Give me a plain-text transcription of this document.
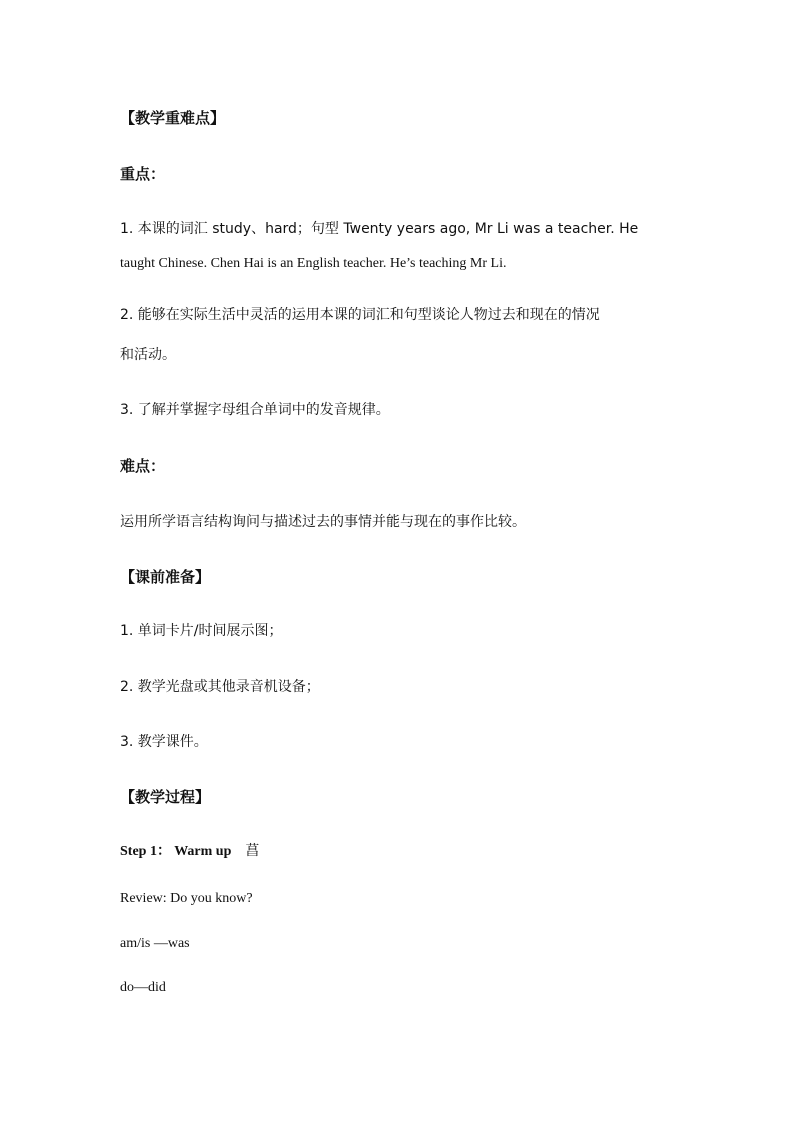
【教学重难点】
重点：
1. 本课的词汇 study、hard；句型 Twenty years ago, Mr Li was a teacher. He
taught Chinese. Chen Hai is an English teacher. He’s teaching Mr Li.
2. 能够在实际生活中灵活的运用本课的词汇和句型谈论人物过去和现在的情况
和活动。
3. 了解并掌握字母组合单词中的发音规律。
难点：
运用所学语言结构询问与描述过去的事情并能与现在的事作比较。
【课前准备】
1. 单词卡片/时间展示图；
2. 教学光盘或其他录音机设备；
3. 教学课件。
【教学过程】
Step 1： Warm up 菖
Review: Do you know?
am/is —was
do—did
